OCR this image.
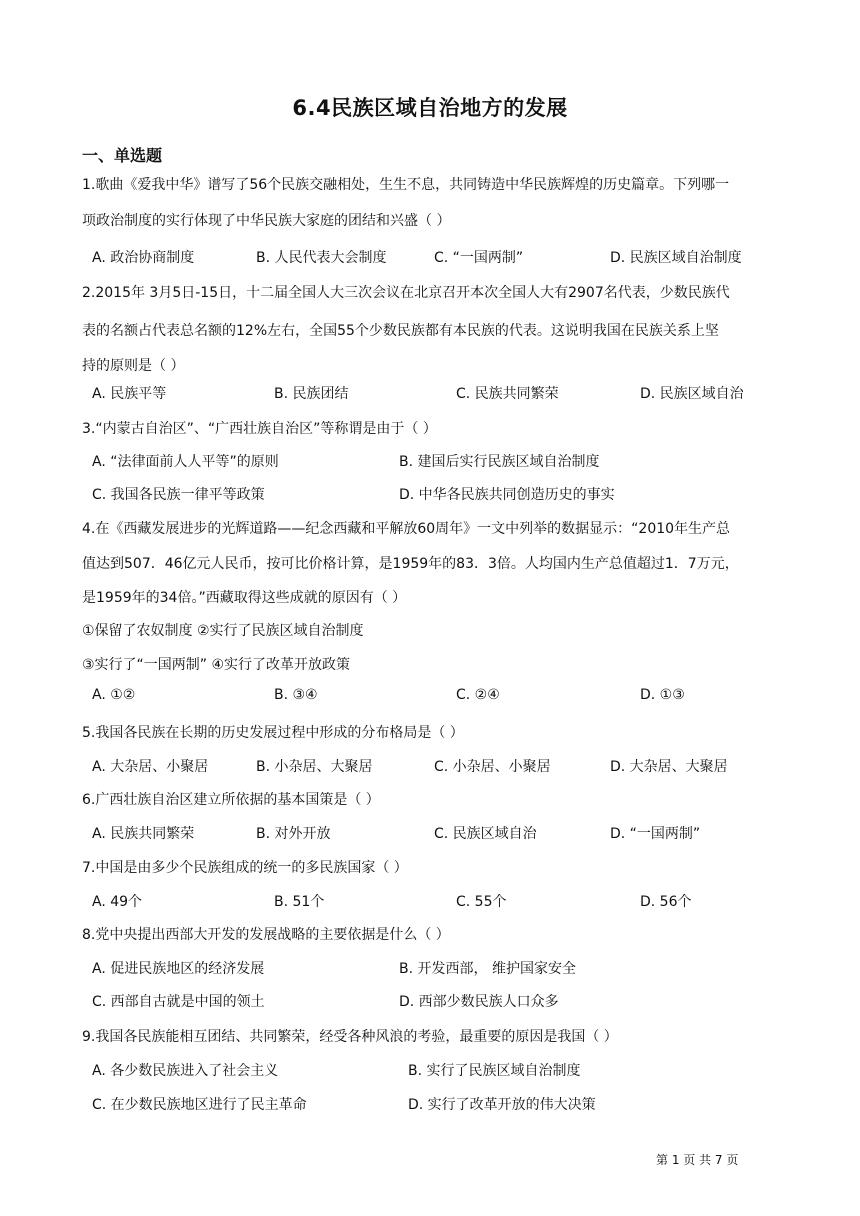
6.4民族区域自治地方的发展
一、单选题
1.歌曲《爱我中华》谱写了56个民族交融相处，生生不息，共同铸造中华民族辉煌的历史篇章。下列哪一
项政治制度的实行体现了中华民族大家庭的团结和兴盛（ ）
A. 政治协商制度	B. 人民代表大会制度	C. “一国两制”	D. 民族区域自治制度
2.2015年 3月5日-15日，十二届全国人大三次会议在北京召开本次全国人大有2907名代表，少数民族代
表的名额占代表总名额的12%左右，全国55个少数民族都有本民族的代表。这说明我国在民族关系上坚
持的原则是（ ）
A. 民族平等	B. 民族团结	C. 民族共同繁荣	D. 民族区域自治
3.“内蒙古自治区”、“广西壮族自治区”等称谓是由于（ ）
A. “法律面前人人平等”的原则	B. 建国后实行民族区域自治制度
C. 我国各民族一律平等政策	D. 中华各民族共同创造历史的事实
4.在《西藏发展进步的光辉道路——纪念西藏和平解放60周年》一文中列举的数据显示：“2010年生产总
值达到507．46亿元人民币，按可比价格计算，是1959年的83．3倍。人均国内生产总值超过1．7万元，
是1959年的34倍。”西藏取得这些成就的原因有（ ）
①保留了农奴制度 ②实行了民族区域自治制度
③实行了“一国两制” ④实行了改革开放政策
A. ①②	B. ③④	C. ②④	D. ①③
5.我国各民族在长期的历史发展过程中形成的分布格局是（ ）
A. 大杂居、小聚居	B. 小杂居、大聚居	C. 小杂居、小聚居	D. 大杂居、大聚居
6.广西壮族自治区建立所依据的基本国策是（ ）
A. 民族共同繁荣	B. 对外开放	C. 民族区域自治	D. “一国两制”
7.中国是由多少个民族组成的统一的多民族国家（ ）
A. 49个	B. 51个	C. 55个	D. 56个
8.党中央提出西部大开发的发展战略的主要依据是什么（ ）
A. 促进民族地区的经济发展	B. 开发西部， 维护国家安全
C. 西部自古就是中国的领土	D. 西部少数民族人口众多
9.我国各民族能相互团结、共同繁荣，经受各种风浪的考验，最重要的原因是我国（ ）
A. 各少数民族进入了社会主义	B. 实行了民族区域自治制度
C. 在少数民族地区进行了民主革命	D. 实行了改革开放的伟大决策
第 1 页 共 7 页
